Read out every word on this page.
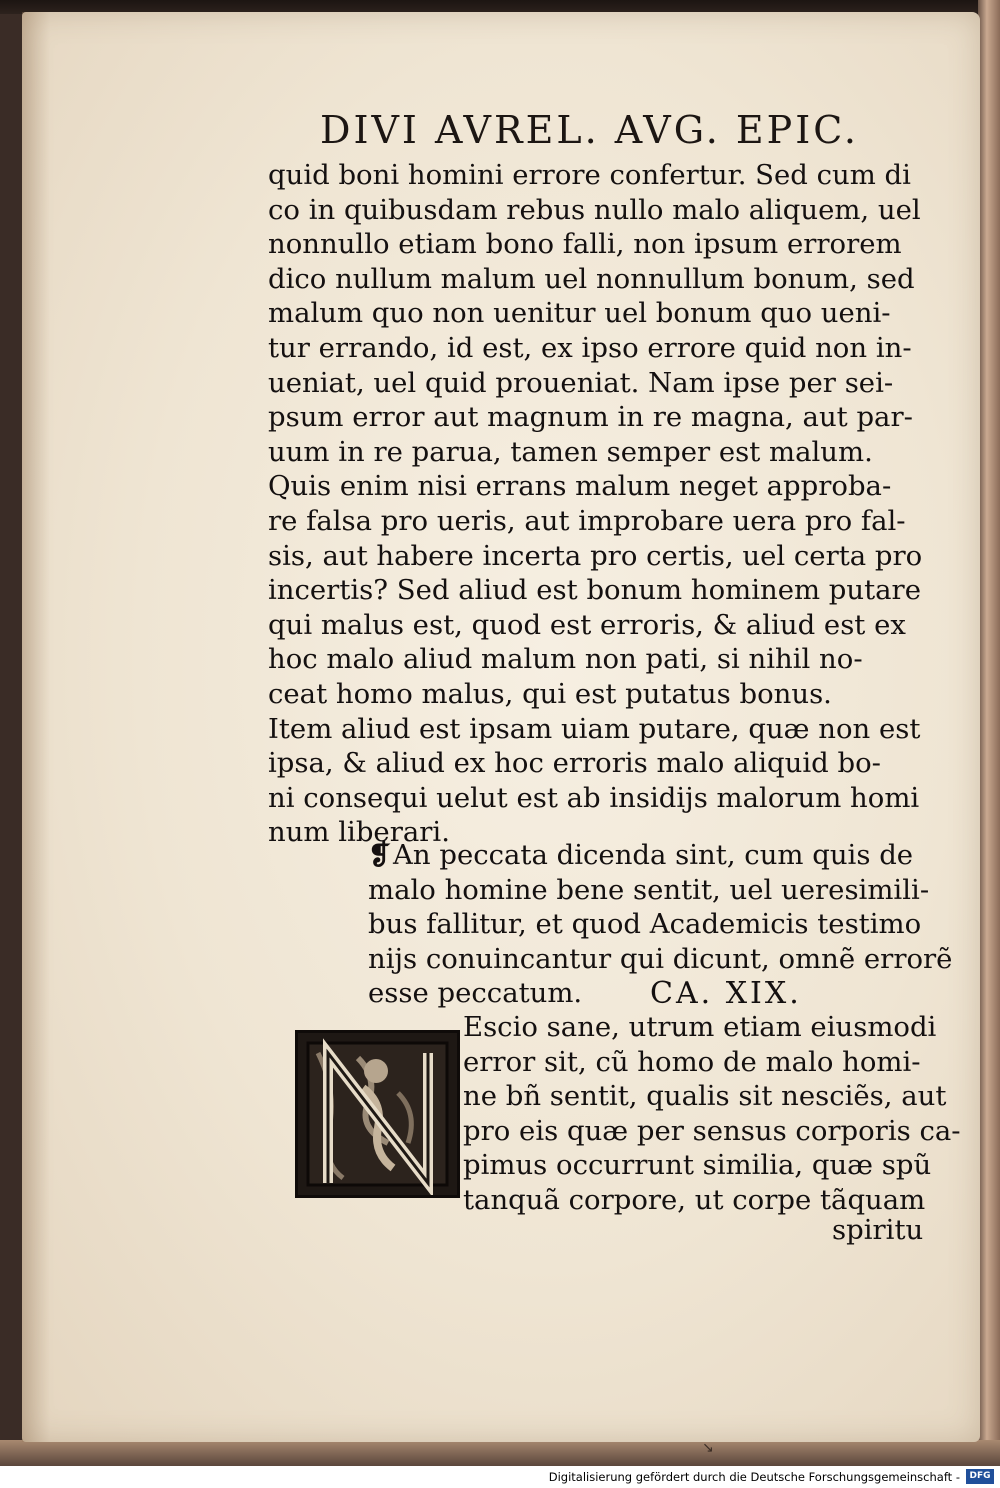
DIVI AVREL. AVG. EPIC.
quid boni homini errore confertur. Sed cum di
co in quibusdam rebus nullo malo aliquem, uel
nonnullo etiam bono falli, non ipsum errorem
dico nullum malum uel nonnullum bonum, sed
malum quo non uenitur uel bonum quo ueni-
tur errando, id est, ex ipso errore quid non in-
ueniat, uel quid proueniat. Nam ipse per sei-
psum error aut magnum in re magna, aut par-
uum in re parua, tamen semper est malum.
Quis enim nisi errans malum neget approba-
re falsa pro ueris, aut improbare uera pro fal-
sis, aut habere incerta pro certis, uel certa pro
incertis? Sed aliud est bonum hominem putare
qui malus est, quod est erroris, & aliud est ex
hoc malo aliud malum non pati, si nihil no-
ceat homo malus, qui est putatus bonus.
Item aliud est ipsam uiam putare, quæ non est
ipsa, & aliud ex hoc erroris malo aliquid bo-
ni consequi uelut est ab insidijs malorum homi
num liberari.
❡An peccata dicenda sint, cum quis de
malo homine bene sentit, uel ueresimili-
bus fallitur, et quod Academicis testimo
nijs conuincantur qui dicunt, omnẽ errorẽ
esse peccatum.	CA. XIX.
Escio sane, utrum etiam eiusmodi
error sit, cũ homo de malo homi-
ne bñ sentit, qualis sit nesciẽs, aut
pro eis quæ per sensus corporis ca-
pimus occurrunt similia, quæ spũ
tanquã corpore, ut corpe tãquam
spiritu
↘
Digitalisierung gefördert durch die Deutsche Forschungsgemeinschaft -	DFG
